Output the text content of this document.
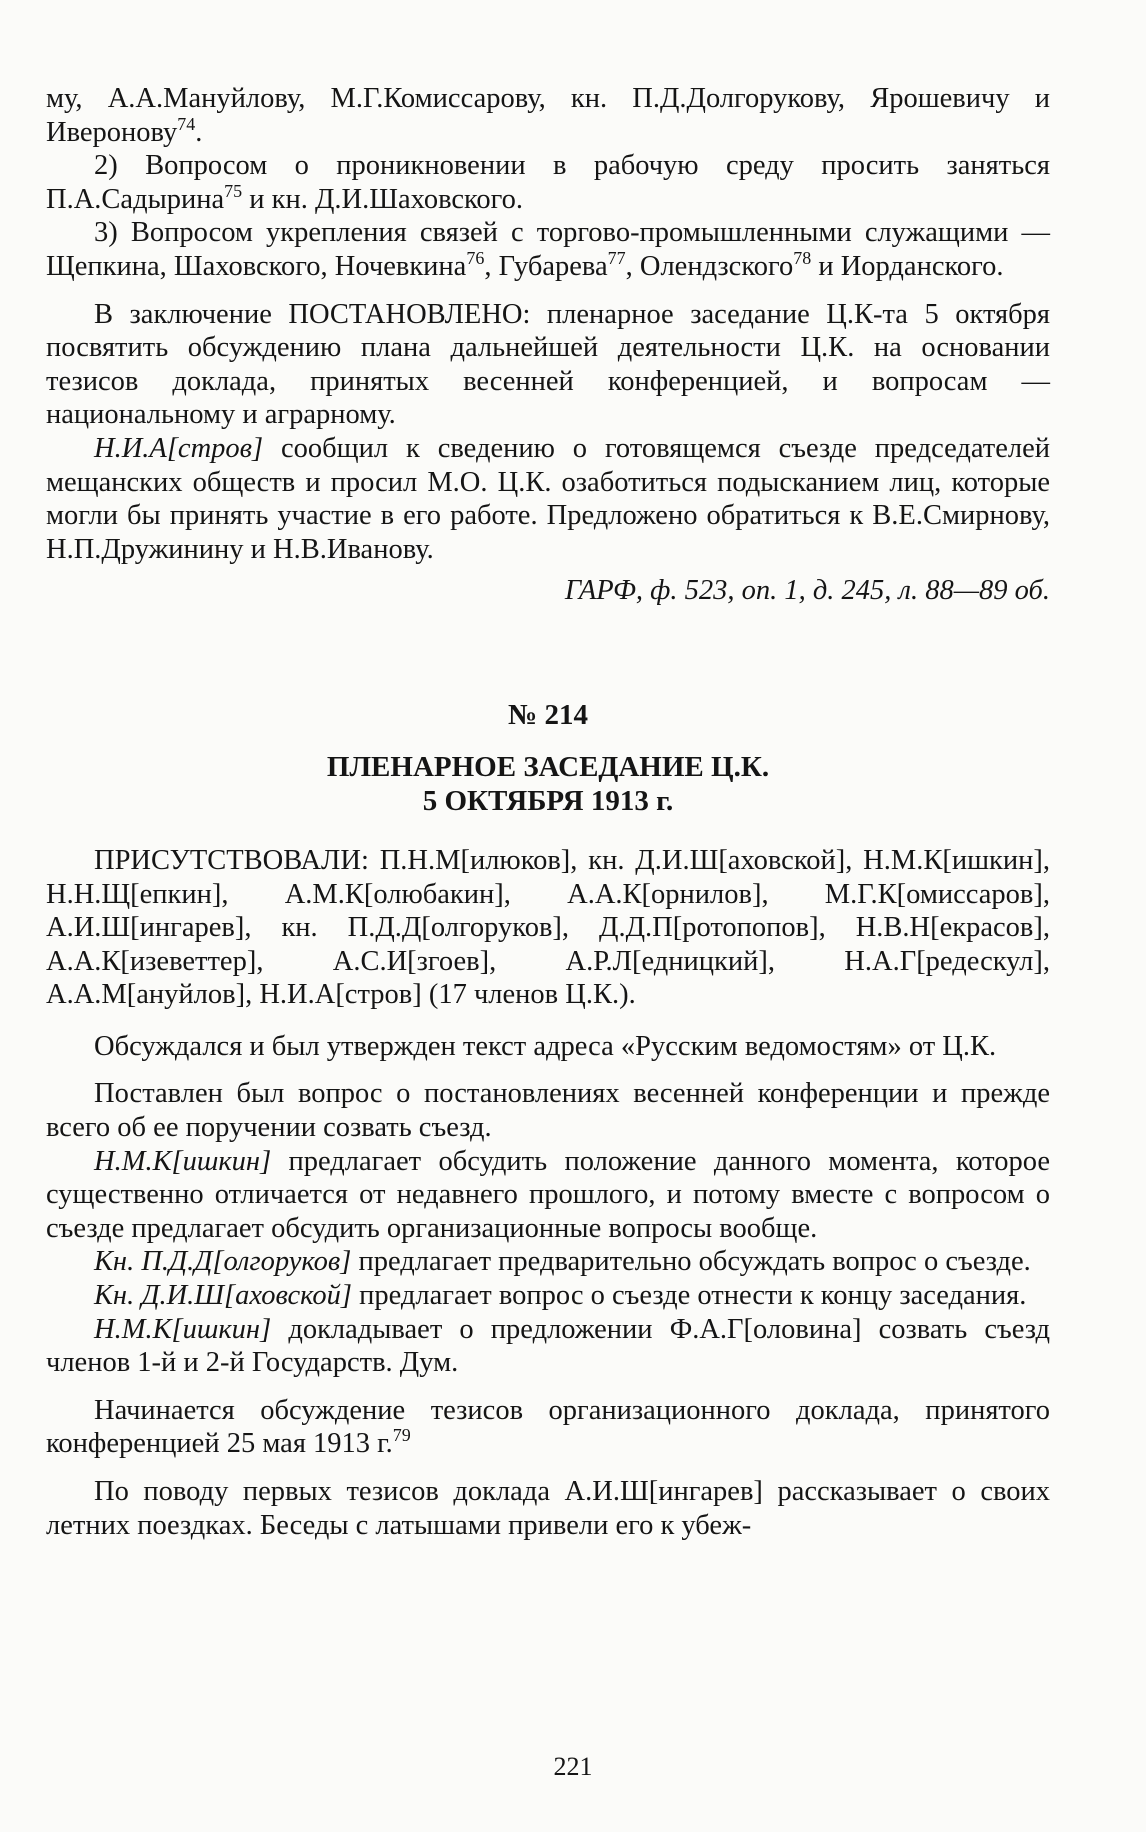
му, А.А.Мануйлову, М.Г.Комиссарову, кн. П.Д.Долгорукову, Ярошевичу и Иверонову$^{74}$.

2) Вопросом о проникновении в рабочую среду просить заняться П.А.Садырина$^{75}$ и кн. Д.И.Шаховского.

3) Вопросом укрепления связей с торгово-промышленными служащими — Щепкина, Шаховского, Ночевкина$^{76}$, Губарева$^{77}$, Олендзского$^{78}$ и Иорданского.

В заключение ПОСТАНОВЛЕНО: пленарное заседание Ц.К-та 5 октября посвятить обсуждению плана дальнейшей деятельности Ц.К. на основании тезисов доклада, принятых весенней конференцией, и вопросам — национальному и аграрному.

Н.И.А[стров] сообщил к сведению о готовящемся съезде председателей мещанских обществ и просил М.О. Ц.К. озаботиться подысканием лиц, которые могли бы принять участие в его работе. Предложено обратиться к В.Е.Смирнову, Н.П.Дружинину и Н.В.Иванову.

ГАРФ, ф. 523, оп. 1, д. 245, л. 88—89 об.

№ 214

ПЛЕНАРНОЕ ЗАСЕДАНИЕ Ц.К.

5 ОКТЯБРЯ 1913 г.

ПРИСУТСТВОВАЛИ: П.Н.М[илюков], кн. Д.И.Ш[аховской], Н.М.К[ишкин], Н.Н.Щ[епкин], А.М.К[олюбакин], А.А.К[орнилов], М.Г.К[омиссаров], А.И.Ш[ингарев], кн. П.Д.Д[олгоруков], Д.Д.П[ротопопов], Н.В.Н[екрасов], А.А.К[изеветтер], А.С.И[згоев], А.Р.Л[едницкий], Н.А.Г[редескул], А.А.М[ануйлов], Н.И.А[стров] (17 членов Ц.К.).

Обсуждался и был утвержден текст адреса «Русским ведомостям» от Ц.К.

Поставлен был вопрос о постановлениях весенней конференции и прежде всего об ее поручении созвать съезд.

Н.М.К[ишкин] предлагает обсудить положение данного момента, которое существенно отличается от недавнего прошлого, и потому вместе с вопросом о съезде предлагает обсудить организационные вопросы вообще.

Кн. П.Д.Д[олгоруков] предлагает предварительно обсуждать вопрос о съезде.

Кн. Д.И.Ш[аховской] предлагает вопрос о съезде отнести к концу заседания.

Н.М.К[ишкин] докладывает о предложении Ф.А.Г[оловина] созвать съезд членов 1-й и 2-й Государств. Дум.

Начинается обсуждение тезисов организационного доклада, принятого конференцией 25 мая 1913 г.$^{79}$

По поводу первых тезисов доклада А.И.Ш[ингарев] рассказывает о своих летних поездках. Беседы с латышами привели его к убеж-

221
